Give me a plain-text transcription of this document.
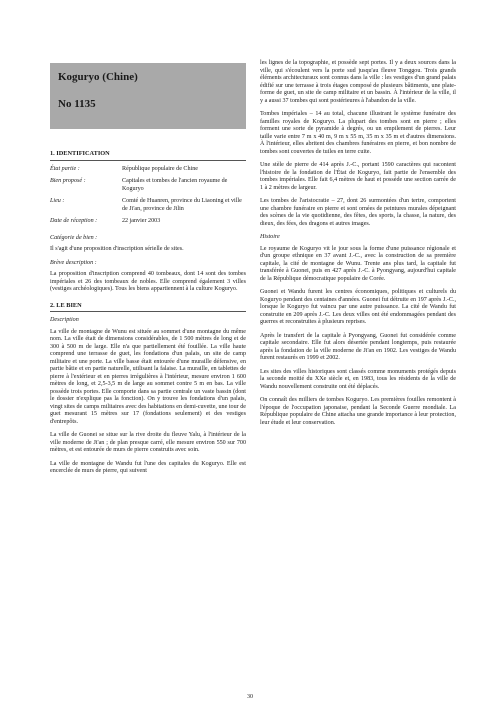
Koguryo (Chine)
No 1135
1. IDENTIFICATION
État partie :	République populaire de Chine
Bien proposé :	Capitales et tombes de l'ancien royaume de Koguryo
Lieu :	Comté de Huanren, province du Liaoning et ville de Ji'an, province de Jilin
Date de réception :	22 janvier 2003
Catégorie de bien :

Il s'agit d'une proposition d'inscription sérielle de sites.

Brève description :

La proposition d'inscription comprend 40 tombeaux, dont 14 sont des tombes impériales et 26 des tombeaux de nobles. Elle comprend également 3 villes (vestiges archéologiques). Tous les biens appartiennent à la culture Koguryo.

2. LE BIEN
Description

La ville de montagne de Wunu est située au sommet d'une montagne du même nom. La ville était de dimensions considérables, de 1 500 mètres de long et de 300 à 500 m de large. Elle n'a que partiellement été fouillée. La ville haute comprend une terrasse de guet, les fondations d'un palais, un site de camp militaire et une porte. La ville basse était entourée d'une muraille défensive, en partie bâtie et en partie naturelle, utilisant la falaise. La muraille, en tablettes de pierre à l'extérieur et en pierres irrégulières à l'intérieur, mesure environ 1 600 mètres de long, et 2,5-3,5 m de large au sommet contre 5 m en bas. La ville possède trois portes. Elle comporte dans sa partie centrale un vaste bassin (dont le dossier n'explique pas la fonction). On y trouve les fondations d'un palais, vingt sites de camps militaires avec des habitations en demi-cuvette, une tour de guet mesurant 15 mètres sur 17 (fondations seulement) et des vestiges d'entrepôts.

La ville de Guonei se situe sur la rive droite du fleuve Yalu, à l'intérieur de la ville moderne de Ji'an ; de plan presque carré, elle mesure environ 550 sur 700 mètres, et est entourée de murs de pierre construits avec soin.

La ville de montagne de Wandu fut l'une des capitales du Koguryo. Elle est encerclée de murs de pierre, qui suivent

les lignes de la topographie, et possède sept portes. Il y a deux sources dans la ville, qui s'écoulent vers la porte sud jusqu'au fleuve Tonggou. Trois grands éléments architecturaux sont connus dans la ville : les vestiges d'un grand palais édifié sur une terrasse à trois étages composé de plusieurs bâtiments, une plate-forme de guet, un site de camp militaire et un bassin. À l'intérieur de la ville, il y a aussi 37 tombes qui sont postérieures à l'abandon de la ville.

Tombes impériales – 14 au total, chacune illustrant le système funéraire des familles royales de Koguryo. La plupart des tombes sont en pierre ; elles forment une sorte de pyramide à degrés, ou un empilement de pierres. Leur taille varie entre 7 m x 40 m, 9 m x 55 m, 35 m x 35 m et d'autres dimensions. À l'intérieur, elles abritent des chambres funéraires en pierre, et bon nombre de tombes sont couvertes de tuiles en terre cuite.

Une stèle de pierre de 414 après J.-C., portant 1590 caractères qui racontent l'histoire de la fondation de l'État de Koguryo, fait partie de l'ensemble des tombes impériales. Elle fait 6,4 mètres de haut et possède une section carrée de 1 à 2 mètres de largeur.

Les tombes de l'aristocratie – 27, dont 26 surmontées d'un tertre, comportent une chambre funéraire en pierre et sont ornées de peintures murales dépeignant des scènes de la vie quotidienne, des fêtes, des sports, la chasse, la nature, des dieux, des fées, des dragons et autres images.

Histoire

Le royaume de Koguryo vit le jour sous la forme d'une puissance régionale et d'un groupe ethnique en 37 avant J.-C., avec la construction de sa première capitale, la cité de montagne de Wunu. Trente ans plus tard, la capitale fut transférée à Guonei, puis en 427 après J.-C. à Pyongyang, aujourd'hui capitale de la République démocratique populaire de Corée.

Guonei et Wandu furent les centres économiques, politiques et culturels du Koguryo pendant des centaines d'années. Guonei fut détruite en 197 après J.-C., lorsque le Koguryo fut vaincu par une autre puissance. La cité de Wandu fut construite en 209 après J.-C. Les deux villes ont été endommagées pendant des guerres et reconstruites à plusieurs reprises.

Après le transfert de la capitale à Pyongyang, Guonei fut considérée comme capitale secondaire. Elle fut alors désertée pendant longtemps, puis restaurée après la fondation de la ville moderne de Ji'an en 1902. Les vestiges de Wandu furent restaurés en 1999 et 2002.

Les sites des villes historiques sont classés comme monuments protégés depuis la seconde moitié du XXe siècle et, en 1983, tous les résidents de la ville de Wandu nouvellement construite ont été déplacés.

On connaît des milliers de tombes Koguryo. Les premières fouilles remontent à l'époque de l'occupation japonaise, pendant la Seconde Guerre mondiale. La République populaire de Chine attacha une grande importance à leur protection, leur étude et leur conservation.

30
